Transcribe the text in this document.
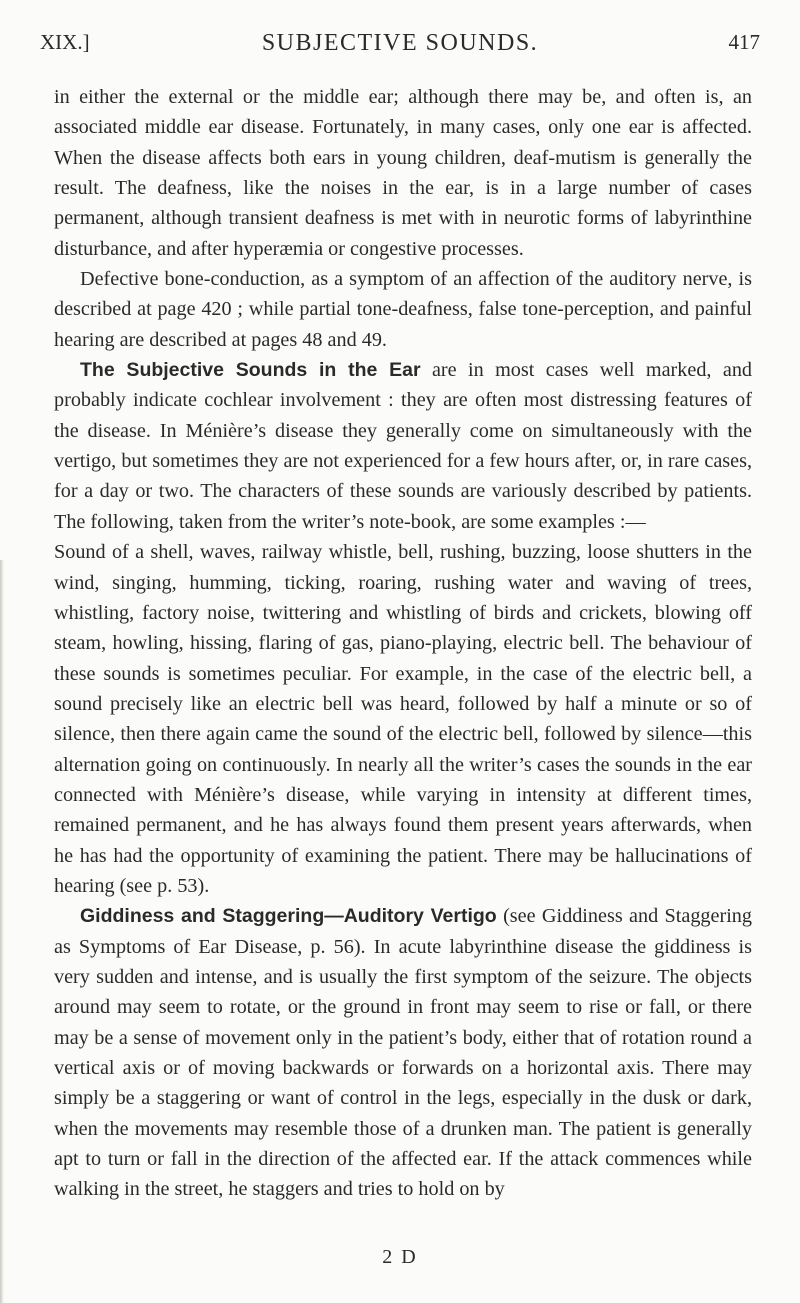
XIX.]	SUBJECTIVE SOUNDS.	417

in either the external or the middle ear; although there may be, and often is, an associated middle ear disease. Fortunately, in many cases, only one ear is affected. When the disease affects both ears in young children, deaf-mutism is generally the result. The deafness, like the noises in the ear, is in a large number of cases permanent, although transient deafness is met with in neurotic forms of labyrinthine disturbance, and after hyperæmia or congestive processes.

Defective bone-conduction, as a symptom of an affection of the auditory nerve, is described at page 420 ; while partial tone-deafness, false tone-perception, and painful hearing are described at pages 48 and 49.

The Subjective Sounds in the Ear are in most cases well marked, and probably indicate cochlear involvement : they are often most distressing features of the disease. In Ménière’s disease they generally come on simultaneously with the vertigo, but sometimes they are not experienced for a few hours after, or, in rare cases, for a day or two. The characters of these sounds are variously described by patients. The following, taken from the writer’s note-book, are some examples :—

Sound of a shell, waves, railway whistle, bell, rushing, buzzing, loose shutters in the wind, singing, humming, ticking, roaring, rushing water and waving of trees, whistling, factory noise, twittering and whistling of birds and crickets, blowing off steam, howling, hissing, flaring of gas, piano-playing, electric bell. The behaviour of these sounds is sometimes peculiar. For example, in the case of the electric bell, a sound precisely like an electric bell was heard, followed by half a minute or so of silence, then there again came the sound of the electric bell, followed by silence—this alternation going on continuously. In nearly all the writer’s cases the sounds in the ear connected with Ménière’s disease, while varying in intensity at different times, remained permanent, and he has always found them present years afterwards, when he has had the opportunity of examining the patient. There may be hallucinations of hearing (see p. 53).

Giddiness and Staggering—Auditory Vertigo (see Giddiness and Staggering as Symptoms of Ear Disease, p. 56). In acute labyrinthine disease the giddiness is very sudden and intense, and is usually the first symptom of the seizure. The objects around may seem to rotate, or the ground in front may seem to rise or fall, or there may be a sense of movement only in the patient’s body, either that of rotation round a vertical axis or of moving backwards or forwards on a horizontal axis. There may simply be a staggering or want of control in the legs, especially in the dusk or dark, when the movements may resemble those of a drunken man. The patient is generally apt to turn or fall in the direction of the affected ear. If the attack commences while walking in the street, he staggers and tries to hold on by

2 D
